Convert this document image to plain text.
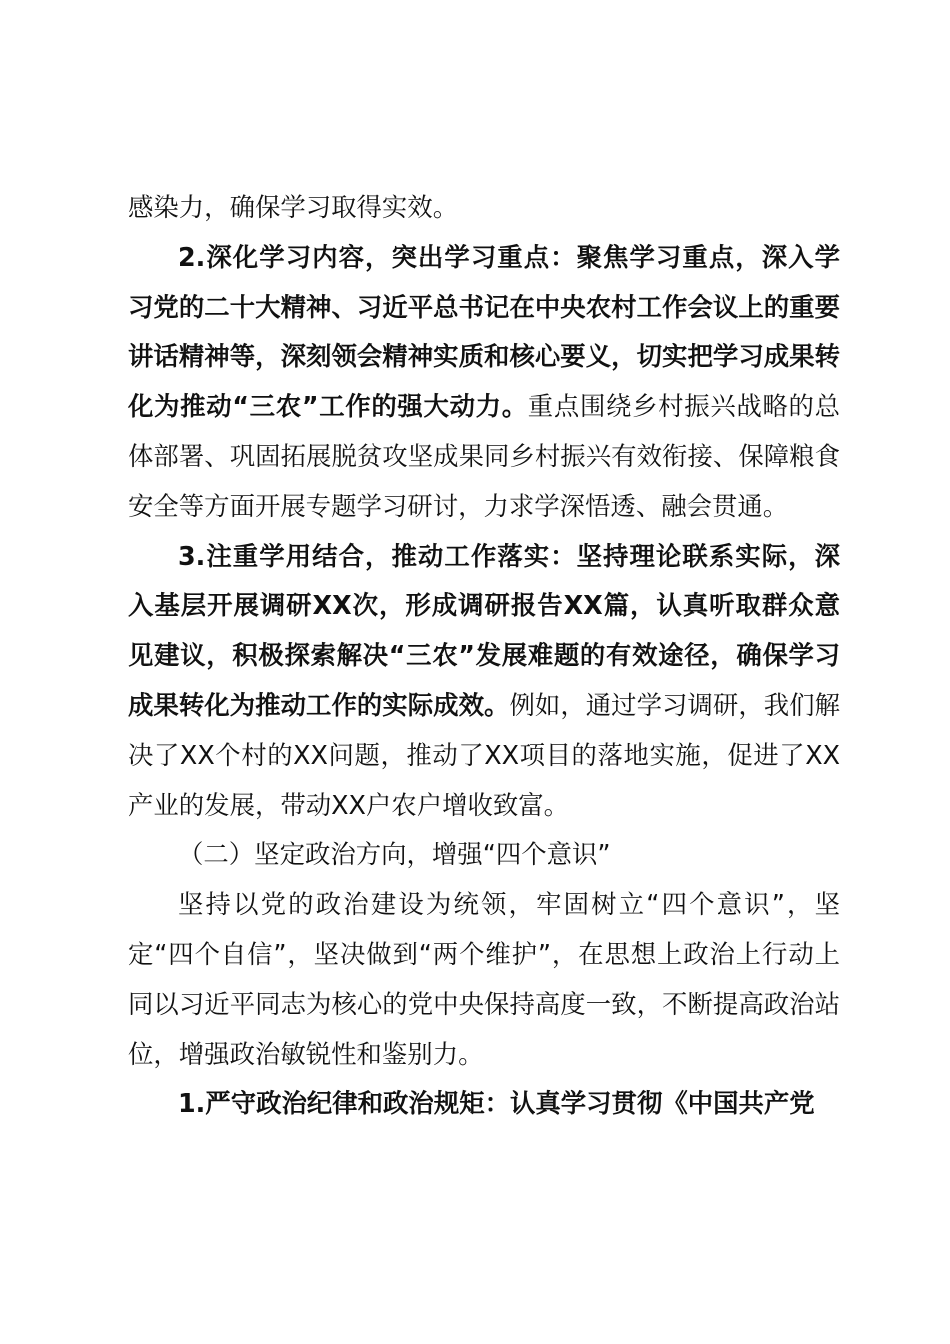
感染力，确保学习取得实效。

2.深化学习内容，突出学习重点：聚焦学习重点，深入学习党的二十大精神、习近平总书记在中央农村工作会议上的重要讲话精神等，深刻领会精神实质和核心要义，切实把学习成果转化为推动“三农”工作的强大动力。重点围绕乡村振兴战略的总体部署、巩固拓展脱贫攻坚成果同乡村振兴有效衔接、保障粮食安全等方面开展专题学习研讨，力求学深悟透、融会贯通。

3.注重学用结合，推动工作落实：坚持理论联系实际，深入基层开展调研XX次，形成调研报告XX篇，认真听取群众意见建议，积极探索解决“三农”发展难题的有效途径，确保学习成果转化为推动工作的实际成效。例如，通过学习调研，我们解决了XX个村的XX问题，推动了XX项目的落地实施，促进了XX产业的发展，带动XX户农户增收致富。

（二）坚定政治方向，增强“四个意识”

坚持以党的政治建设为统领，牢固树立“四个意识”，坚定“四个自信”，坚决做到“两个维护”，在思想上政治上行动上同以习近平同志为核心的党中央保持高度一致，不断提高政治站位，增强政治敏锐性和鉴别力。

1.严守政治纪律和政治规矩：认真学习贯彻《中国共产党
